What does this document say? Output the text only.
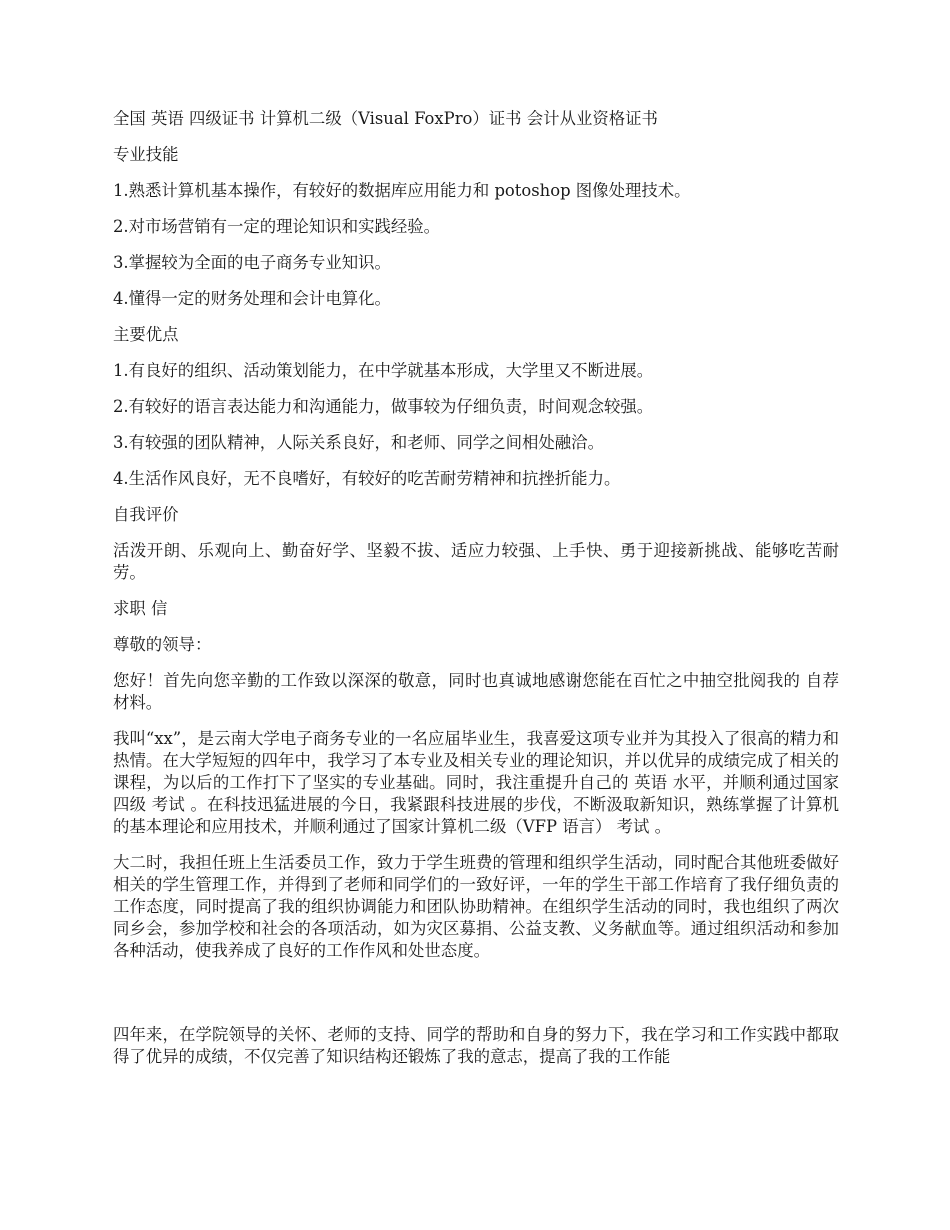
全国 英语 四级证书 计算机二级（Visual FoxPro）证书 会计从业资格证书

专业技能

1.熟悉计算机基本操作，有较好的数据库应用能力和 potoshop 图像处理技术。

2.对市场营销有一定的理论知识和实践经验。

3.掌握较为全面的电子商务专业知识。

4.懂得一定的财务处理和会计电算化。

主要优点

1.有良好的组织、活动策划能力，在中学就基本形成，大学里又不断进展。

2.有较好的语言表达能力和沟通能力，做事较为仔细负责，时间观念较强。

3.有较强的团队精神，人际关系良好，和老师、同学之间相处融洽。

4.生活作风良好，无不良嗜好，有较好的吃苦耐劳精神和抗挫折能力。

自我评价

活泼开朗、乐观向上、勤奋好学、坚毅不拔、适应力较强、上手快、勇于迎接新挑战、能够吃苦耐劳。

求职 信

尊敬的领导：

您好！首先向您辛勤的工作致以深深的敬意，同时也真诚地感谢您能在百忙之中抽空批阅我的 自荐 材料。

我叫“xx”，是云南大学电子商务专业的一名应届毕业生，我喜爱这项专业并为其投入了很高的精力和热情。在大学短短的四年中，我学习了本专业及相关专业的理论知识，并以优异的成绩完成了相关的课程，为以后的工作打下了坚实的专业基础。同时，我注重提升自己的 英语 水平，并顺利通过国家四级 考试 。在科技迅猛进展的今日，我紧跟科技进展的步伐，不断汲取新知识，熟练掌握了计算机的基本理论和应用技术，并顺利通过了国家计算机二级（VFP 语言） 考试 。

大二时，我担任班上生活委员工作，致力于学生班费的管理和组织学生活动，同时配合其他班委做好相关的学生管理工作，并得到了老师和同学们的一致好评，一年的学生干部工作培育了我仔细负责的工作态度，同时提高了我的组织协调能力和团队协助精神。在组织学生活动的同时，我也组织了两次同乡会，参加学校和社会的各项活动，如为灾区募捐、公益支教、义务献血等。通过组织活动和参加各种活动，使我养成了良好的工作作风和处世态度。

四年来，在学院领导的关怀、老师的支持、同学的帮助和自身的努力下，我在学习和工作实践中都取得了优异的成绩，不仅完善了知识结构还锻炼了我的意志，提高了我的工作能
